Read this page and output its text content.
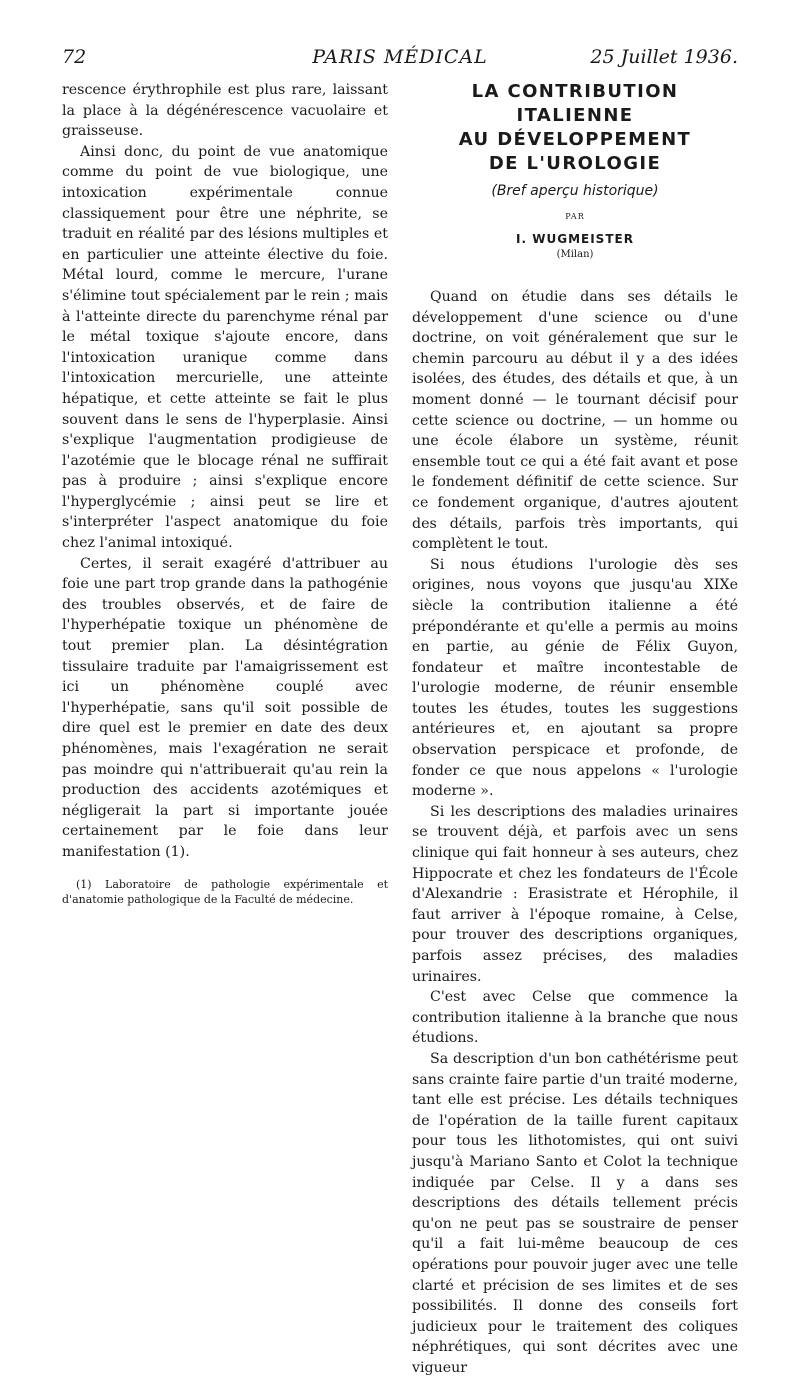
72	PARIS MÉDICAL	25 Juillet 1936.

rescence érythrophile est plus rare, laissant la place à la dégénérescence vacuolaire et graisseuse.

Ainsi donc, du point de vue anatomique comme du point de vue biologique, une intoxication expérimentale connue classiquement pour être une néphrite, se traduit en réalité par des lésions multiples et en particulier une atteinte élective du foie. Métal lourd, comme le mercure, l'urane s'élimine tout spécialement par le rein ; mais à l'atteinte directe du parenchyme rénal par le métal toxique s'ajoute encore, dans l'intoxication uranique comme dans l'intoxication mercurielle, une atteinte hépatique, et cette atteinte se fait le plus souvent dans le sens de l'hyperplasie. Ainsi s'explique l'augmentation prodigieuse de l'azotémie que le blocage rénal ne suffirait pas à produire ; ainsi s'explique encore l'hyperglycémie ; ainsi peut se lire et s'interpréter l'aspect anatomique du foie chez l'animal intoxiqué.

Certes, il serait exagéré d'attribuer au foie une part trop grande dans la pathogénie des troubles observés, et de faire de l'hyperhépatie toxique un phénomène de tout premier plan. La désintégration tissulaire traduite par l'amaigrissement est ici un phénomène couplé avec l'hyperhépatie, sans qu'il soit possible de dire quel est le premier en date des deux phénomènes, mais l'exagération ne serait pas moindre qui n'attribuerait qu'au rein la production des accidents azotémiques et négligerait la part si importante jouée certainement par le foie dans leur manifestation (1).

(1) Laboratoire de pathologie expérimentale et d'anatomie pathologique de la Faculté de médecine.

LA CONTRIBUTION

ITALIENNE

AU DÉVELOPPEMENT

DE L'UROLOGIE

(Bref aperçu historique)

PAR

I. WUGMEISTER

(Milan)

Quand on étudie dans ses détails le développement d'une science ou d'une doctrine, on voit généralement que sur le chemin parcouru au début il y a des idées isolées, des études, des détails et que, à un moment donné — le tournant décisif pour cette science ou doctrine, — un homme ou une école élabore un système, réunit ensemble tout ce qui a été fait avant et pose le fondement définitif de cette science. Sur ce fondement organique, d'autres ajoutent des détails, parfois très importants, qui complètent le tout.

Si nous étudions l'urologie dès ses origines, nous voyons que jusqu'au XIXe siècle la contribution italienne a été prépondérante et qu'elle a permis au moins en partie, au génie de Félix Guyon, fondateur et maître incontestable de l'urologie moderne, de réunir ensemble toutes les études, toutes les suggestions antérieures et, en ajoutant sa propre observation perspicace et profonde, de fonder ce que nous appelons « l'urologie moderne ».

Si les descriptions des maladies urinaires se trouvent déjà, et parfois avec un sens clinique qui fait honneur à ses auteurs, chez Hippocrate et chez les fondateurs de l'École d'Alexandrie : Erasistrate et Hérophile, il faut arriver à l'époque romaine, à Celse, pour trouver des descriptions organiques, parfois assez précises, des maladies urinaires.

C'est avec Celse que commence la contribution italienne à la branche que nous étudions.

Sa description d'un bon cathétérisme peut sans crainte faire partie d'un traité moderne, tant elle est précise. Les détails techniques de l'opération de la taille furent capitaux pour tous les lithotomistes, qui ont suivi jusqu'à Mariano Santo et Colot la technique indiquée par Celse. Il y a dans ses descriptions des détails tellement précis qu'on ne peut pas se soustraire de penser qu'il a fait lui-même beaucoup de ces opérations pour pouvoir juger avec une telle clarté et précision de ses limites et de ses possibilités. Il donne des conseils fort judicieux pour le traitement des coliques néphrétiques, qui sont décrites avec une vigueur
